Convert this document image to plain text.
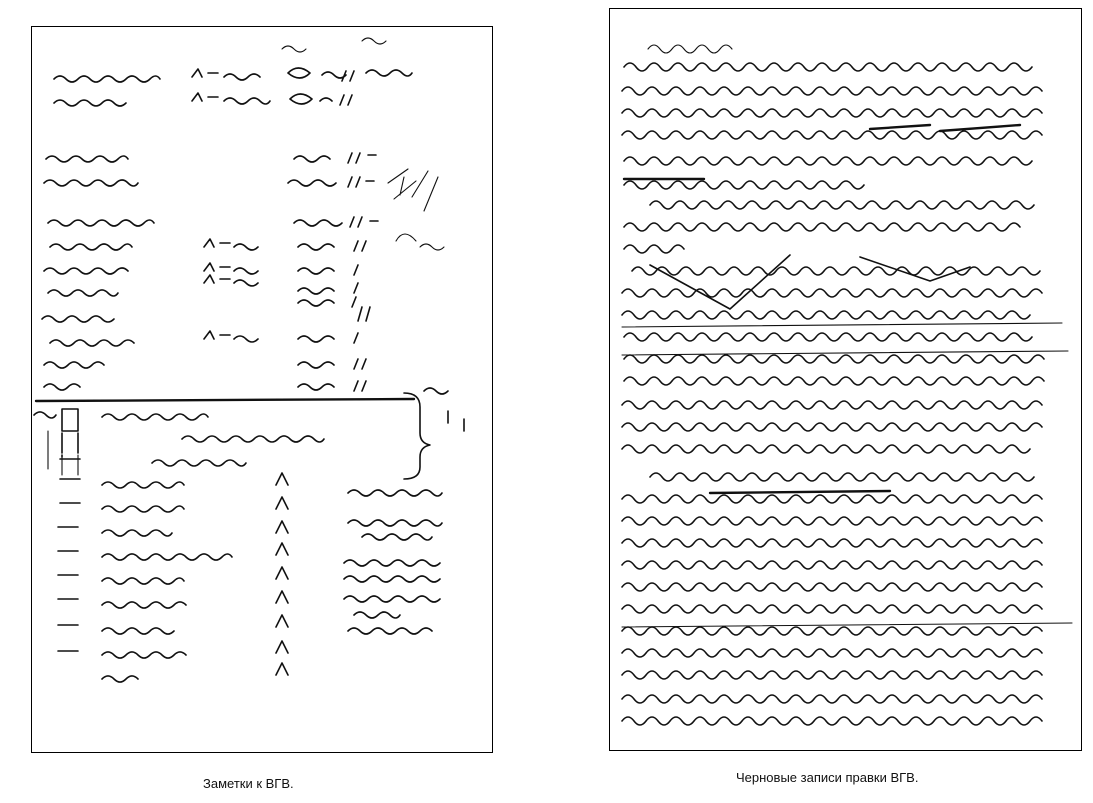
Заметки к ВГВ.	Черновые записи правки ВГВ.
